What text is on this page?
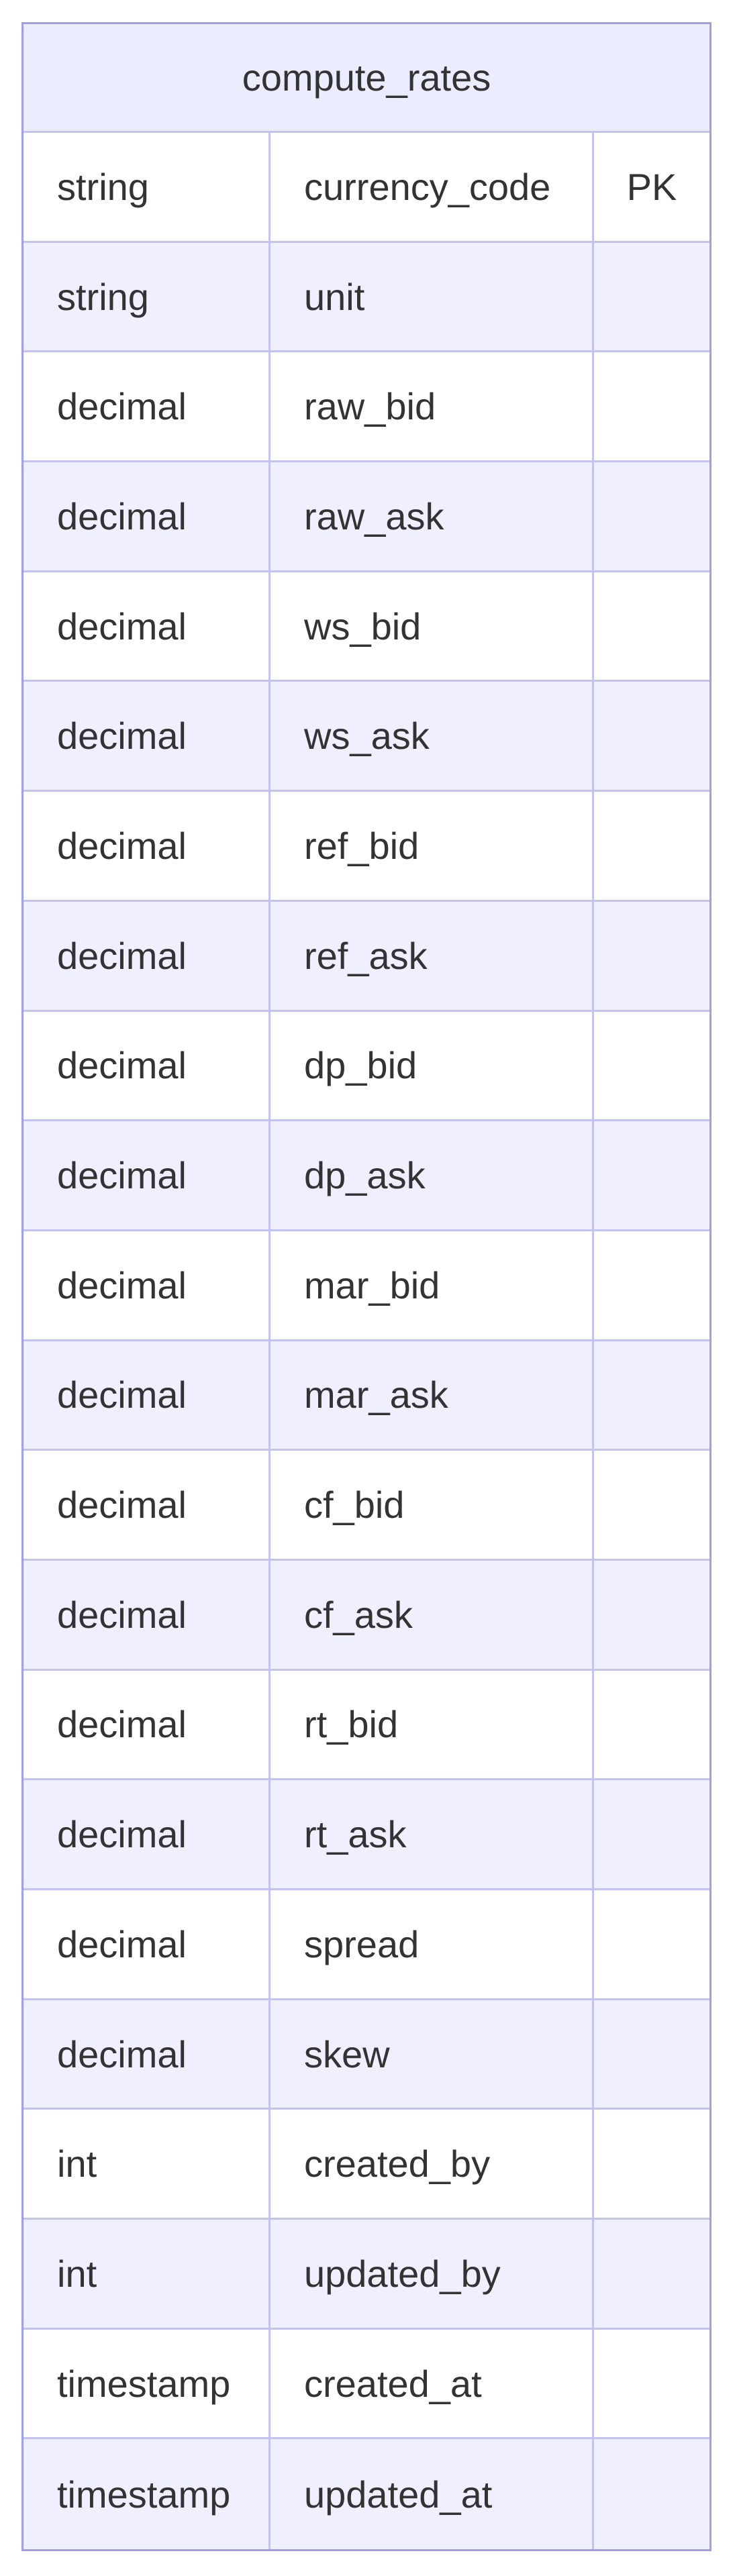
compute_rates
string	currency_code	PK
string	unit
decimal	raw_bid
decimal	raw_ask
decimal	ws_bid
decimal	ws_ask
decimal	ref_bid
decimal	ref_ask
decimal	dp_bid
decimal	dp_ask
decimal	mar_bid
decimal	mar_ask
decimal	cf_bid
decimal	cf_ask
decimal	rt_bid
decimal	rt_ask
decimal	spread
decimal	skew
int	created_by
int	updated_by
timestamp	created_at
timestamp	updated_at
